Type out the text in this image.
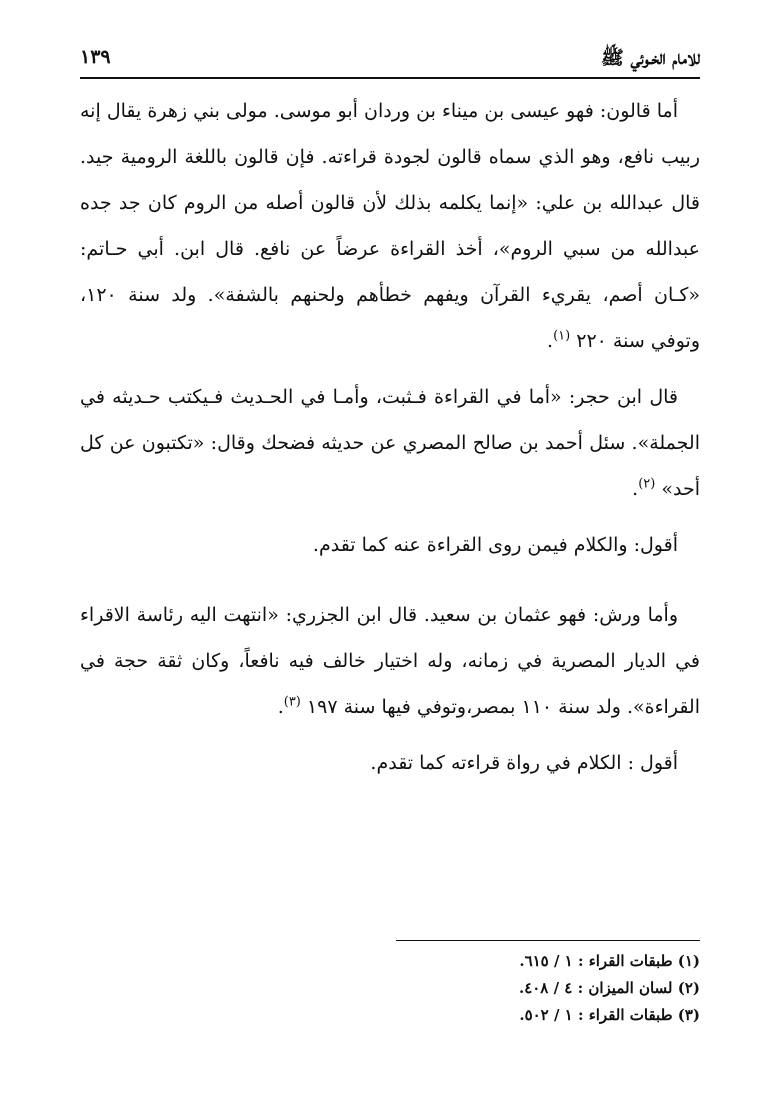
للامام الخـوئي ﷺ
١٣٩

أما قالون: فهو عيسى بن ميناء بن وردان أبو موسى. مولى بني زهرة يقال إنه ربيب نافع، وهو الذي سماه قالون لجودة قراءته. فإن قالون باللغة الرومية جيد. قال عبدالله بن علي: «إنما يكلمه بذلك لأن قالون أصله من الروم كان جد جده عبدالله من سبي الروم»، أخذ القراءة عرضاً عن نافع. قال ابن. أبي حـاتم: «كـان أصم، يقريء القرآن ويفهم خطأهم ولحنهم بالشفة». ولد سنة ١٢٠، وتوفي سنة ٢٢٠ $^{(١)}$.

قال ابن حجر: «أما في القراءة فـثبت، وأمـا في الحـديث فـيكتب حـديثه في الجملة». سئل أحمد بن صالح المصري عن حديثه فضحك وقال: «تكتبون عن كل أحد» $^{(٢)}$.

أقول: والكلام فيمن روى القراءة عنه كما تقدم.

وأما ورش: فهو عثمان بن سعيد. قال ابن الجزري: «انتهت اليه رئاسة الاقراء في الديار المصرية في زمانه، وله اختيار خالف فيه نافعاً، وكان ثقة حجة في القراءة». ولد سنة ١١٠ بمصر،وتوفي فيها سنة ١٩٧ $^{(٣)}$.

أقول : الكلام في رواة قراءته كما تقدم.

(١) طبقات القراء : ١ / ٦١٥.

(٢) لسان الميزان : ٤ / ٤٠٨.

(٣) طبقات القراء : ١ / ٥٠٢.
